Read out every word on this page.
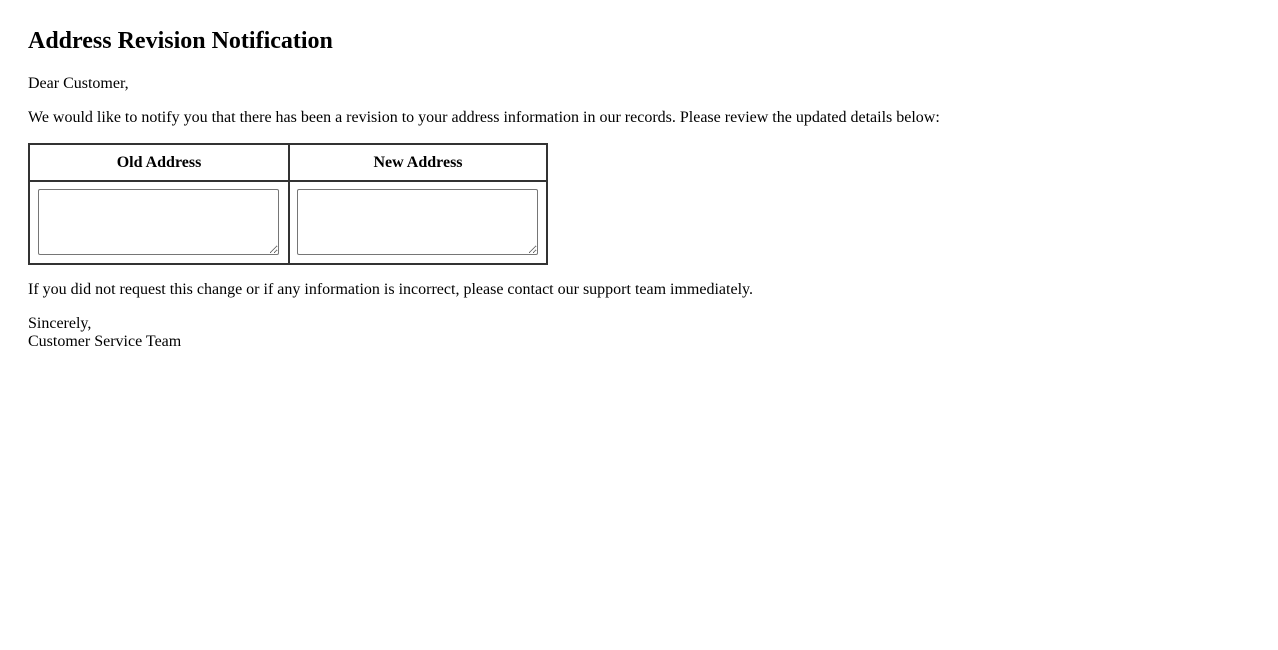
Address Revision Notification

Dear Customer,

We would like to notify you that there has been a revision to your address information in our records. Please review the updated details below:

Old Address	New Address

If you did not request this change or if any information is incorrect, please contact our support team immediately.

Sincerely,
Customer Service Team
